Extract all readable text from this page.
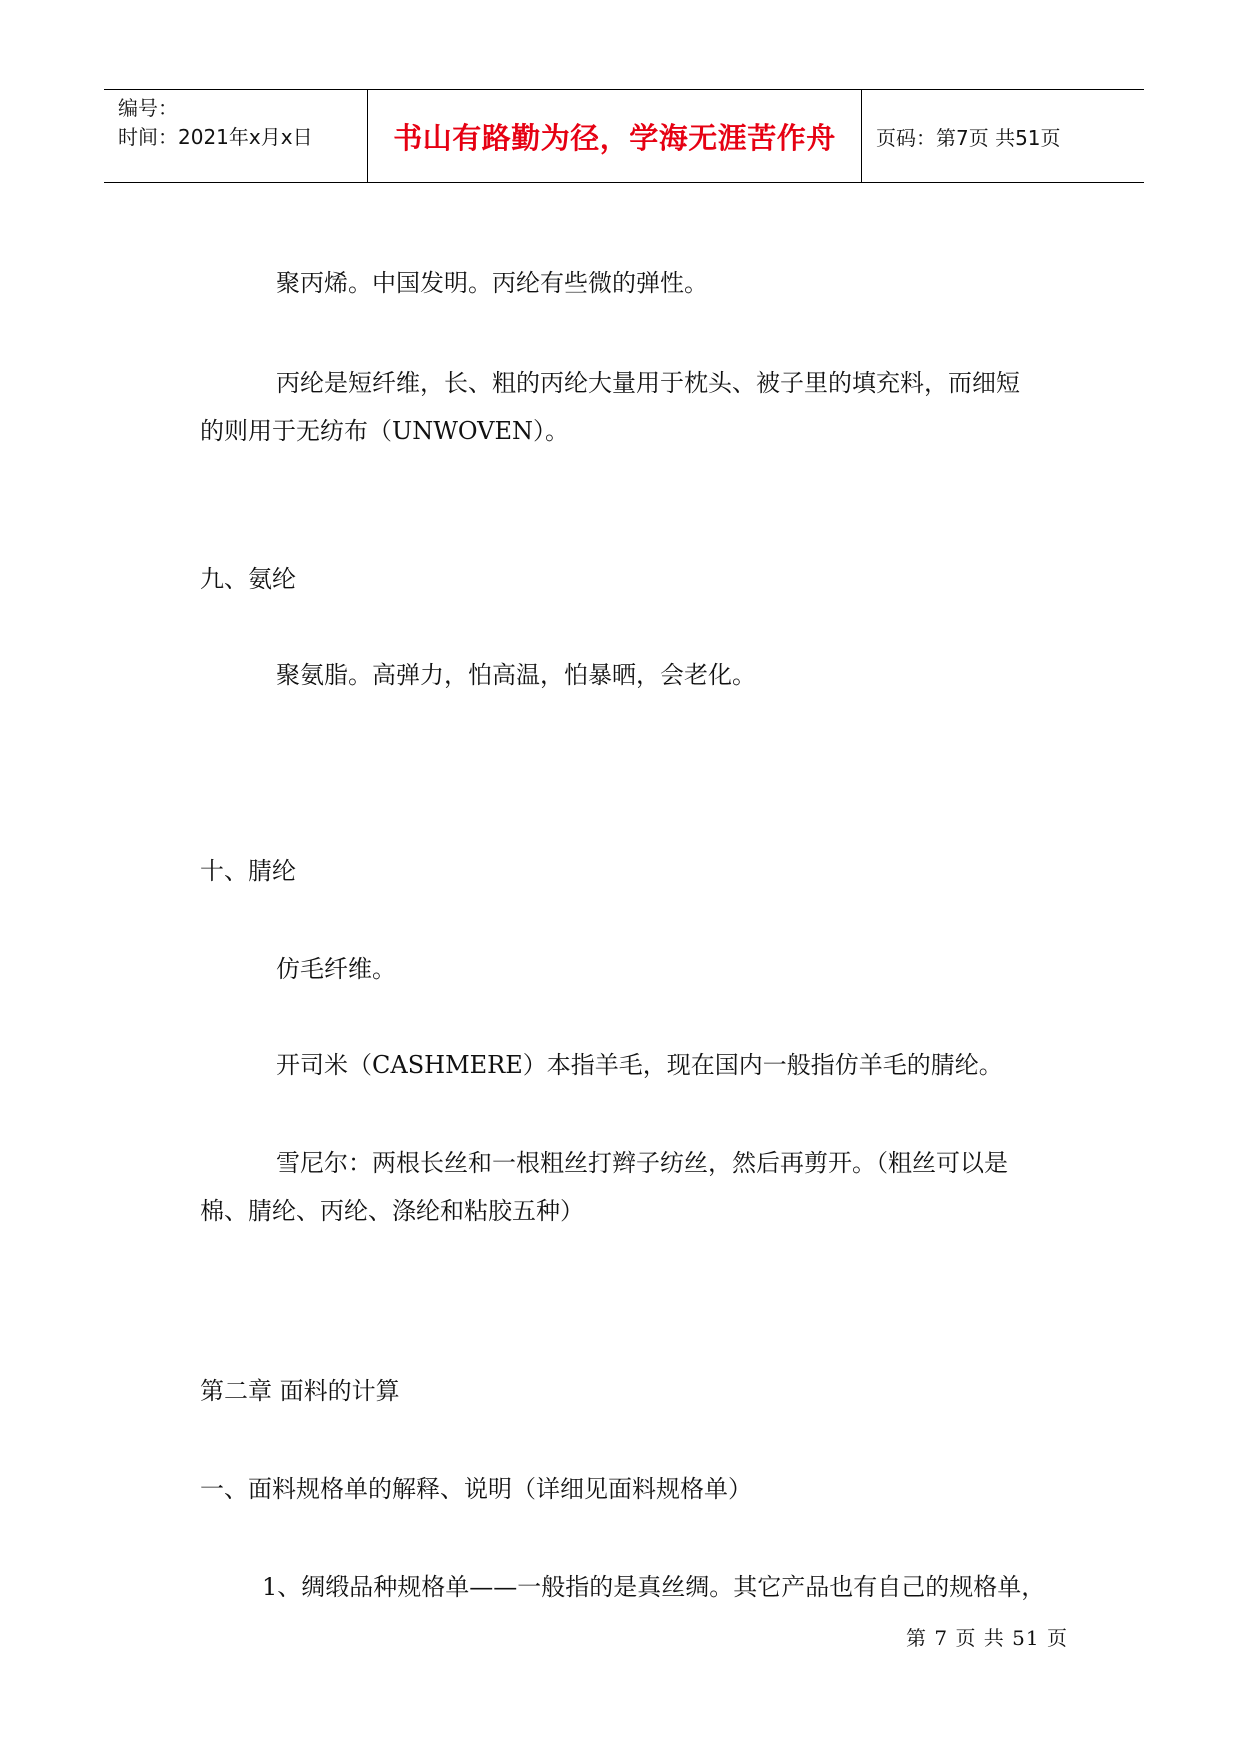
编号：
时间：2021年x月x日	书山有路勤为径，学海无涯苦作舟	页码：第7页 共51页
聚丙烯。中国发明。丙纶有些微的弹性。
丙纶是短纤维，长、粗的丙纶大量用于枕头、被子里的填充料，而细短
的则用于无纺布（UNWOVEN）。
九、氨纶
聚氨脂。高弹力，怕高温，怕暴晒，会老化。
十、腈纶
仿毛纤维。
开司米（CASHMERE）本指羊毛，现在国内一般指仿羊毛的腈纶。
雪尼尔：两根长丝和一根粗丝打辫子纺丝，然后再剪开。（粗丝可以是
棉、腈纶、丙纶、涤纶和粘胶五种）
第二章 面料的计算
一、面料规格单的解释、说明（详细见面料规格单）
1、绸缎品种规格单——一般指的是真丝绸。其它产品也有自己的规格单，
第 7 页 共 51 页
